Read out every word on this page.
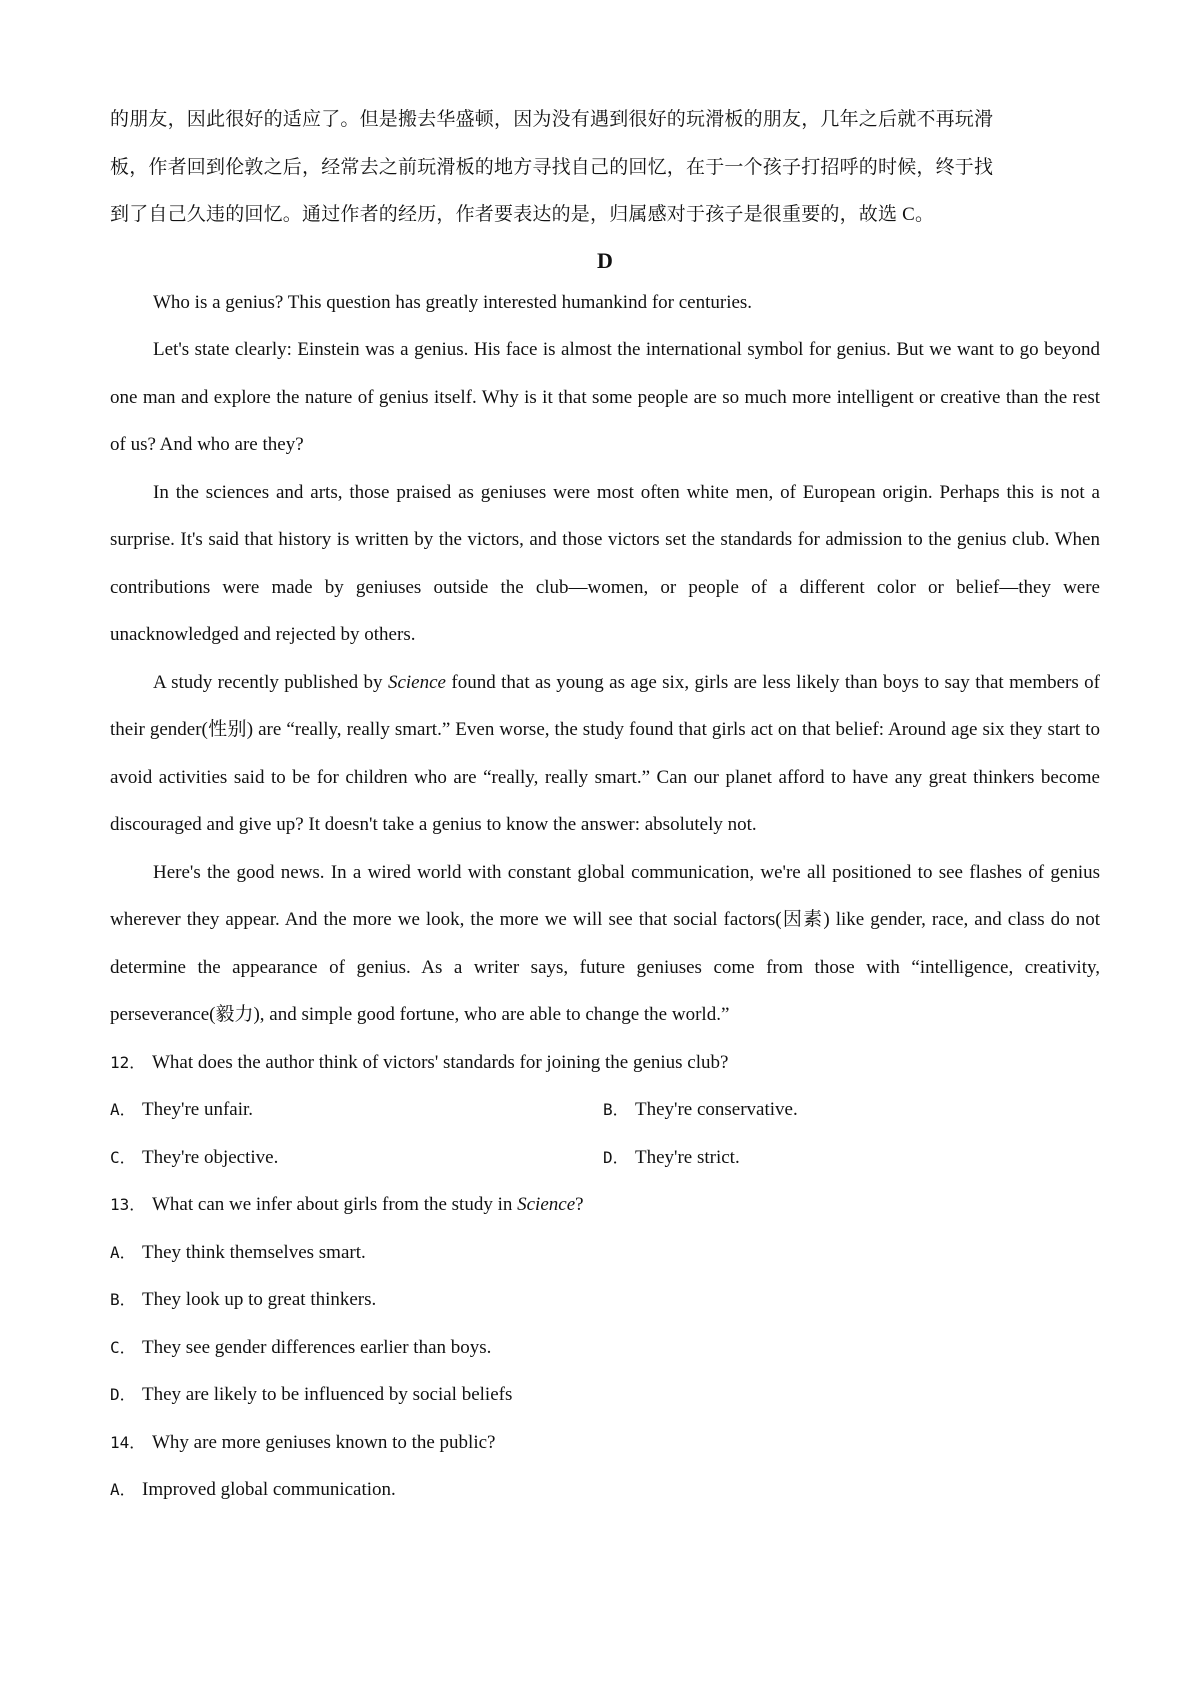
的朋友，因此很好的适应了。但是搬去华盛顿，因为没有遇到很好的玩滑板的朋友，几年之后就不再玩滑
板，作者回到伦敦之后，经常去之前玩滑板的地方寻找自己的回忆，在于一个孩子打招呼的时候，终于找
到了自己久违的回忆。通过作者的经历，作者要表达的是，归属感对于孩子是很重要的，故选 C。
D

Who is a genius? This question has greatly interested humankind for centuries.

Let's state clearly: Einstein was a genius. His face is almost the international symbol for genius. But we want to go beyond one man and explore the nature of genius itself. Why is it that some people are so much more intelligent or creative than the rest of us? And who are they?

In the sciences and arts, those praised as geniuses were most often white men, of European origin. Perhaps this is not a surprise. It's said that history is written by the victors, and those victors set the standards for admission to the genius club. When contributions were made by geniuses outside the club—women, or people of a different color or belief—they were unacknowledged and rejected by others.

A study recently published by Science found that as young as age six, girls are less likely than boys to say that members of their gender(性别) are “really, really smart.” Even worse, the study found that girls act on that belief: Around age six they start to avoid activities said to be for children who are “really, really smart.” Can our planet afford to have any great thinkers become discouraged and give up? It doesn't take a genius to know the answer: absolutely not.

Here's the good news. In a wired world with constant global communication, we're all positioned to see flashes of genius wherever they appear. And the more we look, the more we will see that social factors(因素) like gender, race, and class do not determine the appearance of genius. As a writer says, future geniuses come from those with “intelligence, creativity, perseverance(毅力), and simple good fortune, who are able to change the world.”

12． What does the author think of victors' standards for joining the genius club?
A． They're unfair.	B． They're conservative.
C． They're objective.	D． They're strict.
13． What can we infer about girls from the study in Science?
A． They think themselves smart.
B． They look up to great thinkers.
C． They see gender differences earlier than boys.
D． They are likely to be influenced by social beliefs
14． Why are more geniuses known to the public?
A． Improved global communication.
